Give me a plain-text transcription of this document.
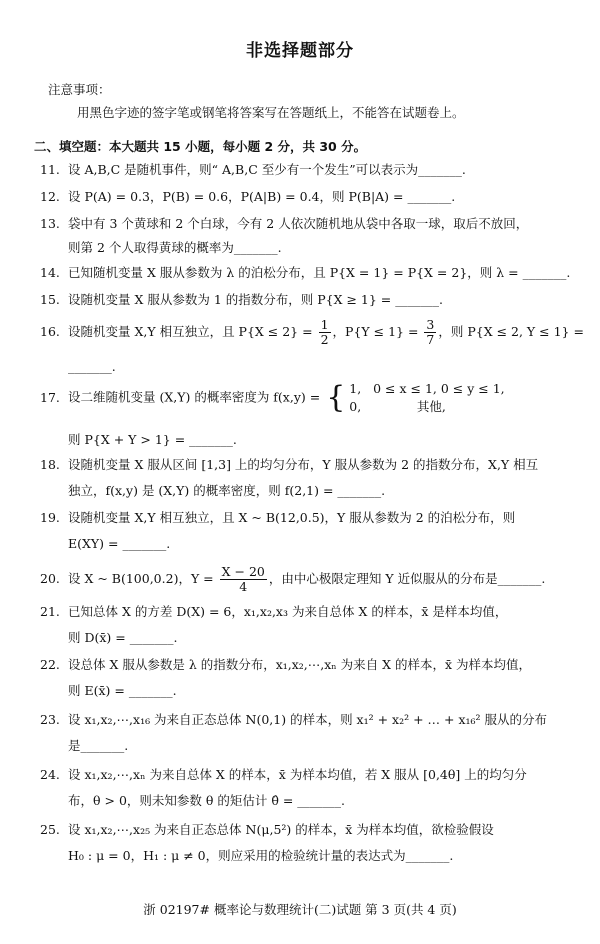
非选择题部分
注意事项：
用黑色字迹的签字笔或钢笔将答案写在答题纸上，不能答在试题卷上。
二、填空题：本大题共 15 小题，每小题 2 分，共 30 分。
11. 设 A,B,C 是随机事件，则“ A,B,C 至少有一个发生”可以表示为_______.
12. 设 P(A) = 0.3，P(B) = 0.6，P(A|B) = 0.4，则 P(B|A) = _______.
13. 袋中有 3 个黄球和 2 个白球，今有 2 人依次随机地从袋中各取一球，取后不放回，
则第 2 个人取得黄球的概率为_______.
14. 已知随机变量 X 服从参数为 λ 的泊松分布，且 P{X = 1} = P{X = 2}，则 λ = _______.
15. 设随机变量 X 服从参数为 1 的指数分布，则 P{X ≥ 1} = _______.
16. 设随机变量 X,Y 相互独立，且 $P\{X \le 2\} = \frac{1}{2}$ ，$P\{Y \le 1\} = \frac{3}{7}$ ，则 P{X ≤ 2, Y ≤ 1} =
_______.
17. 设二维随机变量 (X,Y) 的概率密度为 f(x,y) = { 1,   0 ≤ x ≤ 1, 0 ≤ y ≤ 1,
0,              其他,
则 P{X + Y > 1} = _______.
18. 设随机变量 X 服从区间 [1,3] 上的均匀分布，Y 服从参数为 2 的指数分布，X,Y 相互
独立，f(x,y) 是 (X,Y) 的概率密度，则 f(2,1) = _______.
19. 设随机变量 X,Y 相互独立，且 X ~ B(12,0.5)，Y 服从参数为 2 的泊松分布，则
E(XY) = _______.
20. 设 X ~ B(100,0.2)，$Y = \frac{X - 20}{4}$ ，由中心极限定理知 Y 近似服从的分布是_______.
21. 已知总体 X 的方差 D(X) = 6，x₁,x₂,x₃ 为来自总体 X 的样本，x̄ 是样本均值，
则 D(x̄) = _______.
22. 设总体 X 服从参数是 λ 的指数分布，x₁,x₂,⋯,xₙ 为来自 X 的样本，x̄ 为样本均值，
则 E(x̄) = _______.
23. 设 x₁,x₂,⋯,x₁₆ 为来自正态总体 N(0,1) 的样本，则 x₁² + x₂² + … + x₁₆² 服从的分布
是_______.
24. 设 x₁,x₂,⋯,xₙ 为来自总体 X 的样本，x̄ 为样本均值，若 X 服从 [0,4θ] 上的均匀分
布，θ > 0，则未知参数 θ 的矩估计 θ̂ = _______.
25. 设 x₁,x₂,⋯,x₂₅ 为来自正态总体 N(μ,5²) 的样本，x̄ 为样本均值，欲检验假设
H₀ : μ = 0，H₁ : μ ≠ 0，则应采用的检验统计量的表达式为_______.
浙 02197# 概率论与数理统计(二)试题 第 3 页(共 4 页)
